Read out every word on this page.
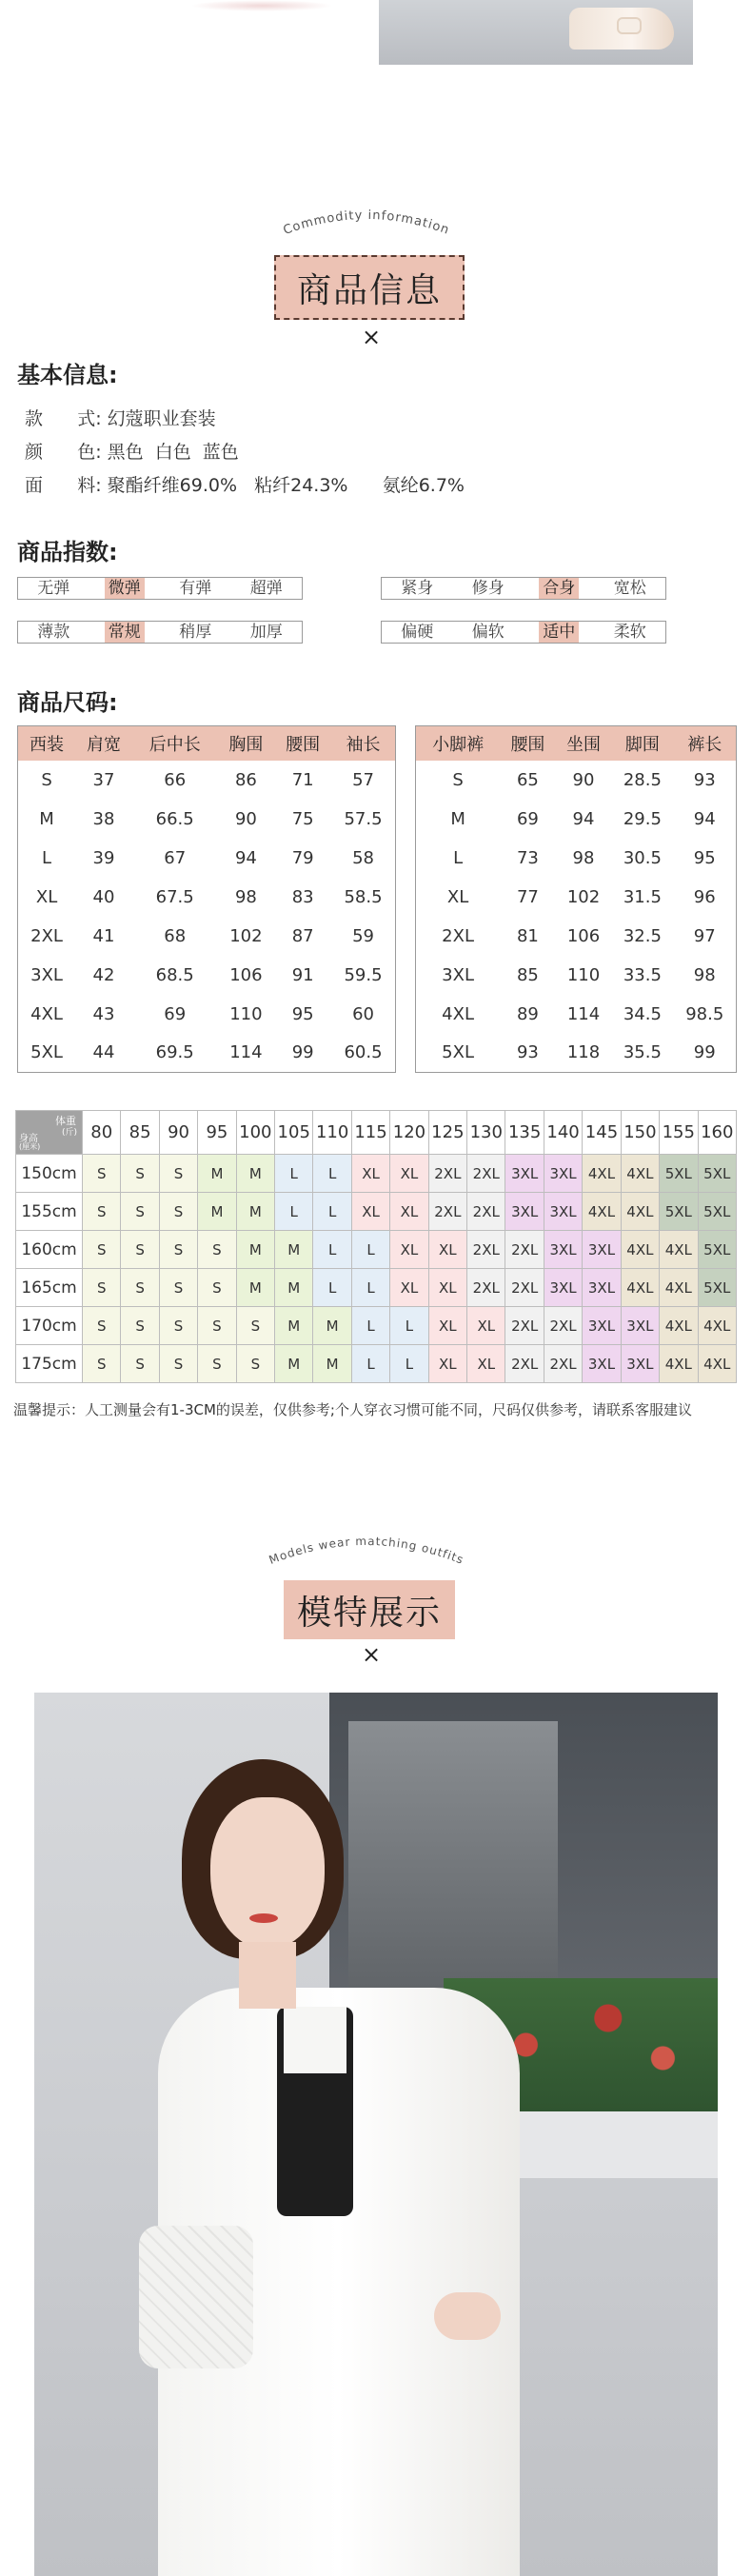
Commodity information
商品信息
×
基本信息:
款      式: 幻蔻职业套装
颜      色: 黑色  白色  蓝色
面      料: 聚酯纤维69.0%   粘纤24.3%      氨纶6.7%
商品指数:
无弹 微弹 有弹 超弹	紧身 修身 合身 宽松
薄款 常规 稍厚 加厚	偏硬 偏软 适中 柔软
商品尺码:
西装	肩宽	后中长	胸围	腰围	袖长
S	37	66	86	71	57
M	38	66.5	90	75	57.5
L	39	67	94	79	58
XL	40	67.5	98	83	58.5
2XL	41	68	102	87	59
3XL	42	68.5	106	91	59.5
4XL	43	69	110	95	60
5XL	44	69.5	114	99	60.5
小脚裤	腰围	坐围	脚围	裤长
S	65	90	28.5	93
M	69	94	29.5	94
L	73	98	30.5	95
XL	77	102	31.5	96
2XL	81	106	32.5	97
3XL	85	110	33.5	98
4XL	89	114	34.5	98.5
5XL	93	118	35.5	99
体重
(斤)
身高
(厘米)	80	85	90	95	100	105	110	115	120	125	130	135	140	145	150	155	160
150cm	S	S	S	M	M	L	L	XL	XL	2XL	2XL	3XL	3XL	4XL	4XL	5XL	5XL
155cm	S	S	S	M	M	L	L	XL	XL	2XL	2XL	3XL	3XL	4XL	4XL	5XL	5XL
160cm	S	S	S	S	M	M	L	L	XL	XL	2XL	2XL	3XL	3XL	4XL	4XL	5XL
165cm	S	S	S	S	M	M	L	L	XL	XL	2XL	2XL	3XL	3XL	4XL	4XL	5XL
170cm	S	S	S	S	S	M	M	L	L	XL	XL	2XL	2XL	3XL	3XL	4XL	4XL
175cm	S	S	S	S	S	M	M	L	L	XL	XL	2XL	2XL	3XL	3XL	4XL	4XL
温馨提示：人工测量会有1-3CM的误差，仅供参考;个人穿衣习惯可能不同，尺码仅供参考，请联系客服建议
Models wear matching outfits
模特展示
×
